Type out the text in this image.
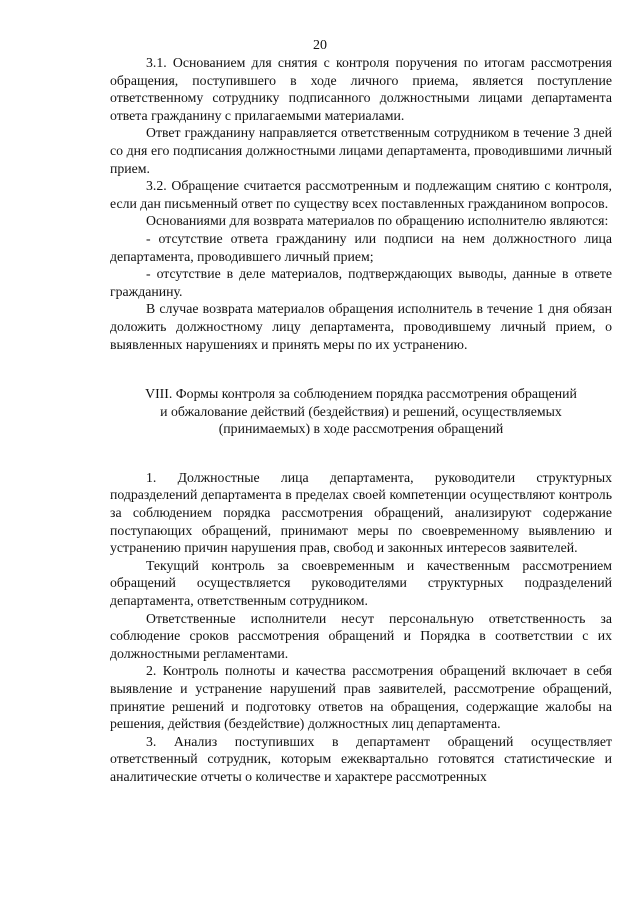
20

3.1. Основанием для снятия с контроля поручения по итогам рассмотрения обращения, поступившего в ходе личного приема, является поступление ответственному сотруднику подписанного должностными лицами департамента ответа гражданину с прилагаемыми материалами.

Ответ гражданину направляется ответственным сотрудником в течение 3 дней со дня его подписания должностными лицами департамента, проводившими личный прием.

3.2. Обращение считается рассмотренным и подлежащим снятию с контроля, если дан письменный ответ по существу всех поставленных гражданином вопросов.

Основаниями для возврата материалов по обращению исполнителю являются:

- отсутствие ответа гражданину или подписи на нем должностного лица департамента, проводившего личный прием;

- отсутствие в деле материалов, подтверждающих выводы, данные в ответе гражданину.

В случае возврата материалов обращения исполнитель в течение 1 дня обязан доложить должностному лицу департамента, проводившему личный прием, о выявленных нарушениях и принять меры по их устранению.

VIII. Формы контроля за соблюдением порядка рассмотрения обращений
и обжалование действий (бездействия) и решений, осуществляемых
(принимаемых) в ходе рассмотрения обращений

1. Должностные лица департамента, руководители структурных подразделений департамента в пределах своей компетенции осуществляют контроль за соблюдением порядка рассмотрения обращений, анализируют содержание поступающих обращений, принимают меры по своевременному выявлению и устранению причин нарушения прав, свобод и законных интересов заявителей.

Текущий контроль за своевременным и качественным рассмотрением обращений осуществляется руководителями структурных подразделений департамента, ответственным сотрудником.

Ответственные исполнители несут персональную ответственность за соблюдение сроков рассмотрения обращений и Порядка в соответствии с их должностными регламентами.

2. Контроль полноты и качества рассмотрения обращений включает в себя выявление и устранение нарушений прав заявителей, рассмотрение обращений, принятие решений и подготовку ответов на обращения, содержащие жалобы на решения, действия (бездействие) должностных лиц департамента.

3. Анализ поступивших в департамент обращений осуществляет ответственный сотрудник, которым ежеквартально готовятся статистические и аналитические отчеты о количестве и характере рассмотренных
